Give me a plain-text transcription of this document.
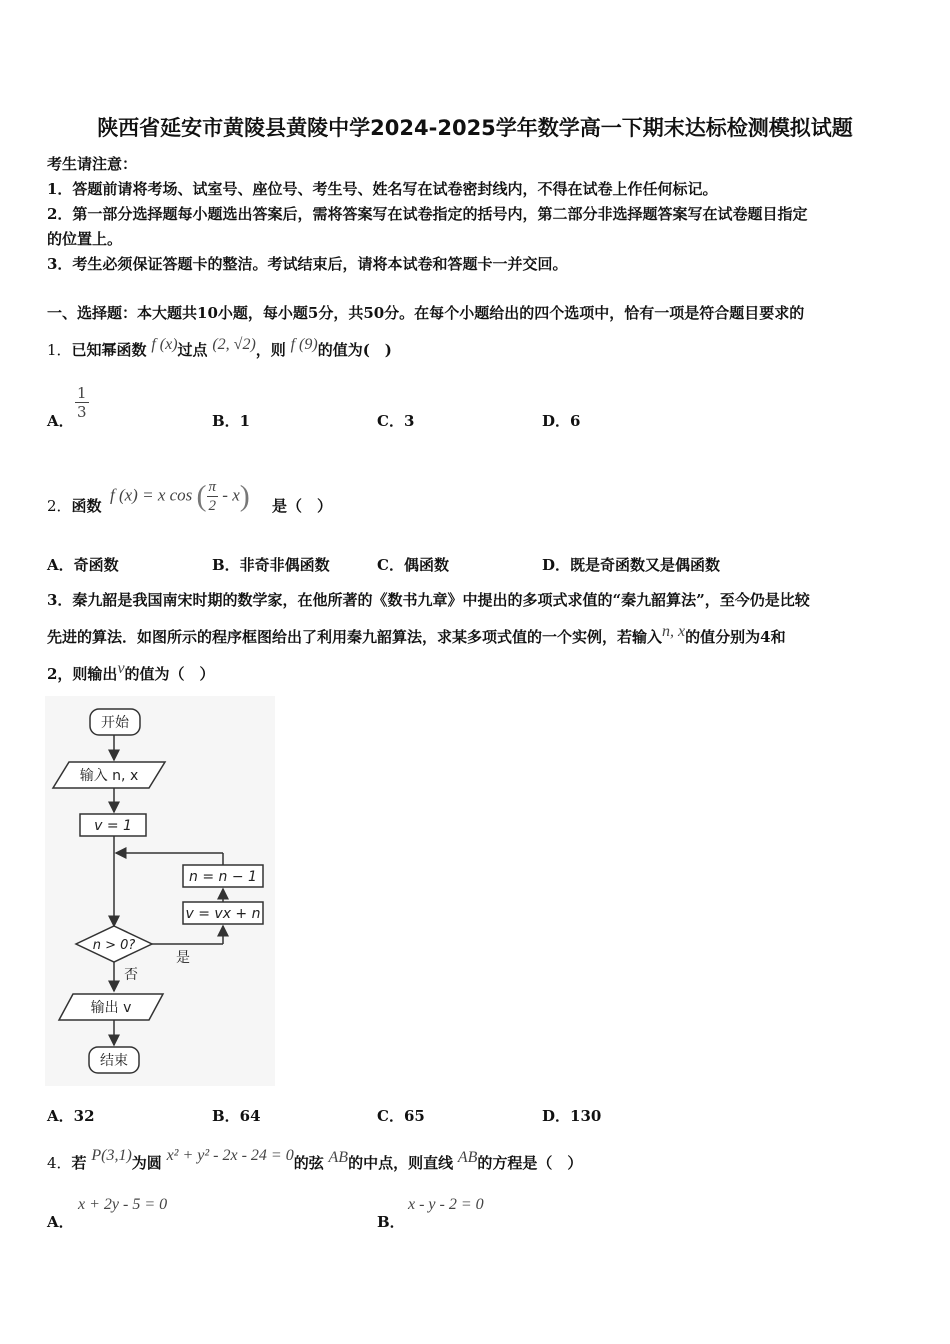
陕西省延安市黄陵县黄陵中学2024-2025学年数学高一下期末达标检测模拟试题
考生请注意：
1．答题前请将考场、试室号、座位号、考生号、姓名写在试卷密封线内，不得在试卷上作任何标记。
2．第一部分选择题每小题选出答案后，需将答案写在试卷指定的括号内，第二部分非选择题答案写在试卷题目指定
的位置上。
3．考生必须保证答题卡的整洁。考试结束后，请将本试卷和答题卡一并交回。
一、选择题：本大题共10小题，每小题5分，共50分。在每个小题给出的四个选项中，恰有一项是符合题目要求的
1．已知幂函数 f (x)过点 (2, √2)，则 f (9)的值为(　)
A． $\frac{1}{3}$	B．1	C．3	D．6
2．函数
f (x) = x cos ( $\frac{\pi}{2} - x$) 是（　）
A．奇函数	B．非奇非偶函数	C．偶函数	D．既是奇函数又是偶函数
3．秦九韶是我国南宋时期的数学家，在他所著的《数书九章》中提出的多项式求值的“秦九韶算法”，至今仍是比较
先进的算法．如图所示的程序框图给出了利用秦九韶算法，求某多项式值的一个实例，若输入n, x的值分别为4和
2，则输出v的值为（　）
开始
输入 n, x
v = 1
n = n − 1
v = vx + n
n > 0?
是
否
输出 v
结束
A．32	B．64	C．65	D．130
4．若 P(3,1)为圆 x² + y² - 2x - 24 = 0的弦 AB的中点，则直线 AB的方程是（　）
A．
x + 2y - 5 = 0
B．
x - y - 2 = 0
